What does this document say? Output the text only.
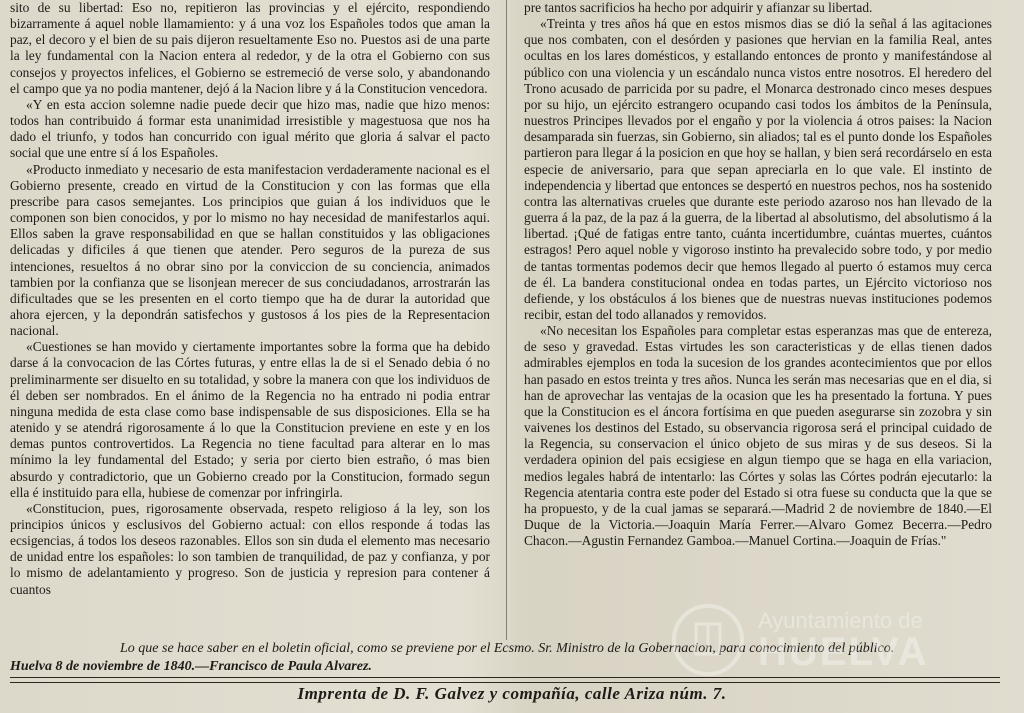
sito de su libertad: Eso no, repitieron las provincias y el ejército, respondiendo bizarramente á aquel noble llamamiento: y á una voz los Españoles todos que aman la paz, el decoro y el bien de su pais dijeron resueltamente Eso no. Puestos asi de una parte la ley fundamental con la Nacion entera al rededor, y de la otra el Gobierno con sus consejos y proyectos infelices, el Gobierno se estremeció de verse solo, y abandonando el campo que ya no podia mantener, dejó á la Nacion libre y á la Constitucion vencedora.

«Y en esta accion solemne nadie puede decir que hizo mas, nadie que hizo menos: todos han contribuido á formar esta unanimidad irresistible y magestuosa que nos ha dado el triunfo, y todos han concurrido con igual mérito que gloria á salvar el pacto social que une entre sí á los Españoles.

«Producto inmediato y necesario de esta manifestacion verdaderamente nacional es el Gobierno presente, creado en virtud de la Constitucion y con las formas que ella prescribe para casos semejantes. Los principios que guian á los individuos que le componen son bien conocidos, y por lo mismo no hay necesidad de manifestarlos aqui. Ellos saben la grave responsabilidad en que se hallan constituidos y las obligaciones delicadas y dificiles á que tienen que atender. Pero seguros de la pureza de sus intenciones, resueltos á no obrar sino por la conviccion de su conciencia, animados tambien por la confianza que se lisonjean merecer de sus conciudadanos, arrostrarán las dificultades que se les presenten en el corto tiempo que ha de durar la autoridad que ahora ejercen, y la depondrán satisfechos y gustosos á los pies de la Representacion nacional.

«Cuestiones se han movido y ciertamente importantes sobre la forma que ha debido darse á la convocacion de las Córtes futuras, y entre ellas la de si el Senado debia ó no preliminarmente ser disuelto en su totalidad, y sobre la manera con que los individuos de él deben ser nombrados. En el ánimo de la Regencia no ha entrado ni podia entrar ninguna medida de esta clase como base indispensable de sus disposiciones. Ella se ha atenido y se atendrá rigorosamente á lo que la Constitucion previene en este y en los demas puntos controvertidos. La Regencia no tiene facultad para alterar en lo mas mínimo la ley fundamental del Estado; y seria por cierto bien estraño, ó mas bien absurdo y contradictorio, que un Gobierno creado por la Constitucion, formado segun ella é instituido para ella, hubiese de comenzar por infringirla.

«Constitucion, pues, rigorosamente observada, respeto religioso á la ley, son los principios únicos y esclusivos del Gobierno actual: con ellos responde á todas las ecsigencias, á todos los deseos razonables. Ellos son sin duda el elemento mas necesario de unidad entre los españoles: lo son tambien de tranquilidad, de paz y confianza, y por lo mismo de adelantamiento y progreso. Son de justicia y represion para contener á cuantos

pre tantos sacrificios ha hecho por adquirir y afianzar su libertad.

«Treinta y tres años há que en estos mismos dias se dió la señal á las agitaciones que nos combaten, con el desórden y pasiones que hervian en la familia Real, antes ocultas en los lares domésticos, y estallando entonces de pronto y manifestándose al público con una violencia y un escándalo nunca vistos entre nosotros. El heredero del Trono acusado de parricida por su padre, el Monarca destronado cinco meses despues por su hijo, un ejército estrangero ocupando casi todos los ámbitos de la Península, nuestros Principes llevados por el engaño y por la violencia á otros paises: la Nacion desamparada sin fuerzas, sin Gobierno, sin aliados; tal es el punto donde los Españoles partieron para llegar á la posicion en que hoy se hallan, y bien será recordárselo en esta especie de aniversario, para que sepan apreciarla en lo que vale. El instinto de independencia y libertad que entonces se despertó en nuestros pechos, nos ha sostenido contra las alternativas crueles que durante este periodo azaroso nos han llevado de la guerra á la paz, de la paz á la guerra, de la libertad al absolutismo, del absolutismo á la libertad. ¡Qué de fatigas entre tanto, cuánta incertidumbre, cuántas muertes, cuántos estragos! Pero aquel noble y vigoroso instinto ha prevalecido sobre todo, y por medio de tantas tormentas podemos decir que hemos llegado al puerto ó estamos muy cerca de él. La bandera constitucional ondea en todas partes, un Ejército victorioso nos defiende, y los obstáculos á los bienes que de nuestras nuevas instituciones podemos recibir, estan del todo allanados y removidos.

«No necesitan los Españoles para completar estas esperanzas mas que de entereza, de seso y gravedad. Estas virtudes les son caracteristicas y de ellas tienen dados admirables ejemplos en toda la sucesion de los grandes acontecimientos que por ellos han pasado en estos treinta y tres años. Nunca les serán mas necesarias que en el dia, si han de aprovechar las ventajas de la ocasion que les ha presentado la fortuna. Y pues que la Constitucion es el áncora fortísima en que pueden asegurarse sin zozobra y sin vaivenes los destinos del Estado, su observancia rigorosa será el principal cuidado de la Regencia, su conservacion el único objeto de sus miras y de sus deseos. Si la verdadera opinion del pais ecsigiese en algun tiempo que se haga en ella variacion, medios legales habrá de intentarlo: las Córtes y solas las Córtes podrán ejecutarlo: la Regencia atentaria contra este poder del Estado si otra fuese su conducta que la que se ha propuesto, y de la cual jamas se separará.—Madrid 2 de noviembre de 1840.—El Duque de la Victoria.—Joaquin María Ferrer.—Alvaro Gomez Becerra.—Pedro Chacon.—Agustin Fernandez Gamboa.—Manuel Cortina.—Joaquin de Frías."

Lo que se hace saber en el boletin oficial, como se previene por el Ecsmo. Sr. Ministro de la Gobernacion, para conocimiento del público.
Huelva 8 de noviembre de 1840.—Francisco de Paula Alvarez.
Imprenta de D. F. Galvez y compañía, calle Ariza núm. 7.
Ayuntamiento de
HUELVA
